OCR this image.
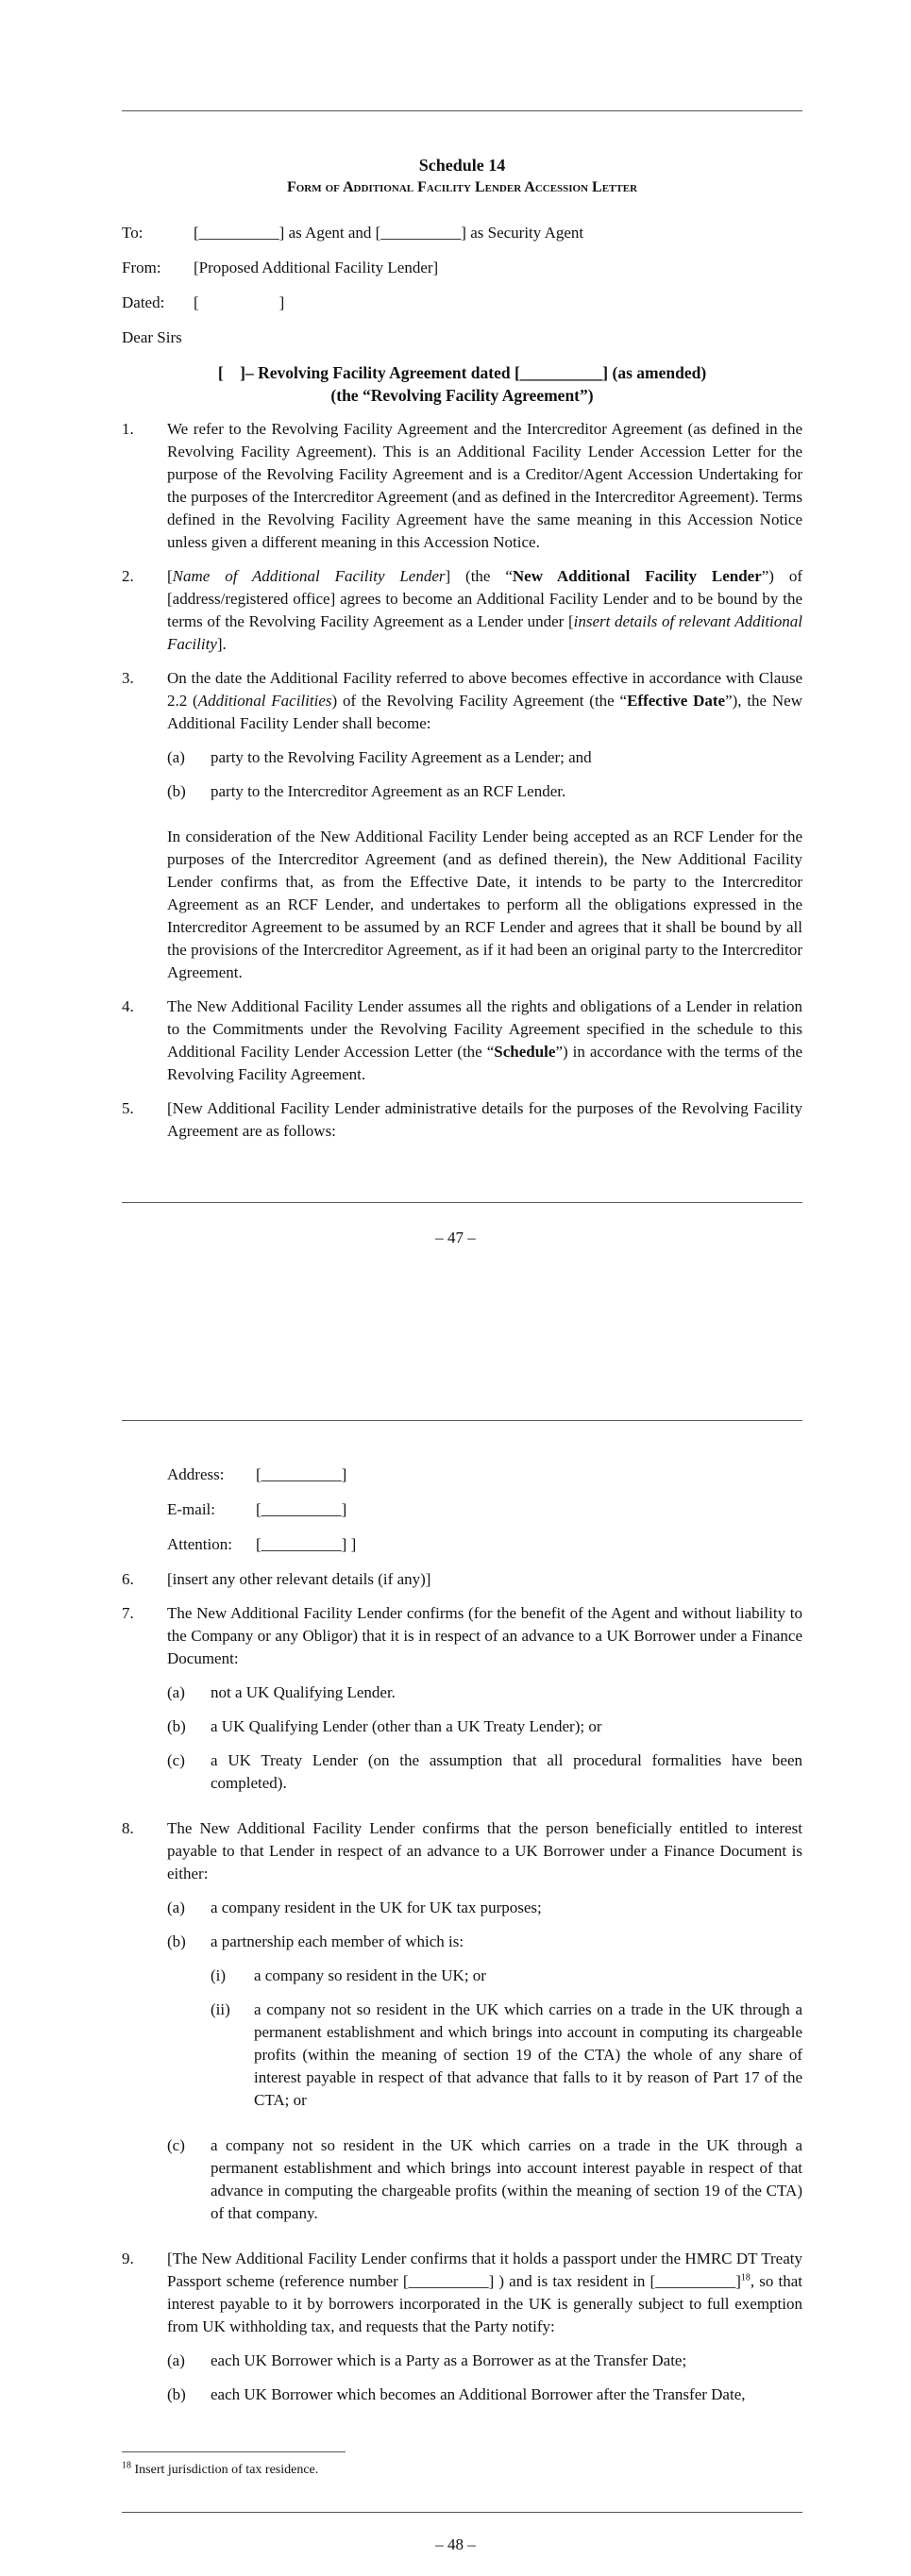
Schedule 14
Form of Additional Facility Lender Accession Letter
To:	[__________] as Agent and [__________] as Security Agent
From:	[Proposed Additional Facility Lender]
Dated:	[                    ]
Dear Sirs
[    ]– Revolving Facility Agreement dated [__________] (as amended)
(the “Revolving Facility Agreement”)
1.	We refer to the Revolving Facility Agreement and the Intercreditor Agreement (as defined in the Revolving Facility Agreement). This is an Additional Facility Lender Accession Letter for the purpose of the Revolving Facility Agreement and is a Creditor/Agent Accession Undertaking for the purposes of the Intercreditor Agreement (and as defined in the Intercreditor Agreement). Terms defined in the Revolving Facility Agreement have the same meaning in this Accession Notice unless given a different meaning in this Accession Notice.
2.	[Name of Additional Facility Lender] (the “New Additional Facility Lender”) of [address/registered office] agrees to become an Additional Facility Lender and to be bound by the terms of the Revolving Facility Agreement as a Lender under [insert details of relevant Additional Facility].
3.	On the date the Additional Facility referred to above becomes effective in accordance with Clause 2.2 (Additional Facilities) of the Revolving Facility Agreement (the “Effective Date”), the New Additional Facility Lender shall become:
(a)	party to the Revolving Facility Agreement as a Lender; and
(b)	party to the Intercreditor Agreement as an RCF Lender.
In consideration of the New Additional Facility Lender being accepted as an RCF Lender for the purposes of the Intercreditor Agreement (and as defined therein), the New Additional Facility Lender confirms that, as from the Effective Date, it intends to be party to the Intercreditor Agreement as an RCF Lender, and undertakes to perform all the obligations expressed in the Intercreditor Agreement to be assumed by an RCF Lender and agrees that it shall be bound by all the provisions of the Intercreditor Agreement, as if it had been an original party to the Intercreditor Agreement.
4.	The New Additional Facility Lender assumes all the rights and obligations of a Lender in relation to the Commitments under the Revolving Facility Agreement specified in the schedule to this Additional Facility Lender Accession Letter (the “Schedule”) in accordance with the terms of the Revolving Facility Agreement.
5.	[New Additional Facility Lender administrative details for the purposes of the Revolving Facility Agreement are as follows:
– 47 –
Address:	[__________]
E-mail:	[__________]
Attention:	[__________] ]
6.	[insert any other relevant details (if any)]
7.	The New Additional Facility Lender confirms (for the benefit of the Agent and without liability to the Company or any Obligor) that it is in respect of an advance to a UK Borrower under a Finance Document:
(a)	not a UK Qualifying Lender.
(b)	a UK Qualifying Lender (other than a UK Treaty Lender); or
(c)	a UK Treaty Lender (on the assumption that all procedural formalities have been completed).
8.	The New Additional Facility Lender confirms that the person beneficially entitled to interest payable to that Lender in respect of an advance to a UK Borrower under a Finance Document is either:
(a)	a company resident in the UK for UK tax purposes;
(b)	a partnership each member of which is:
(i)	a company so resident in the UK; or
(ii)	a company not so resident in the UK which carries on a trade in the UK through a permanent establishment and which brings into account in computing its chargeable profits (within the meaning of section 19 of the CTA) the whole of any share of interest payable in respect of that advance that falls to it by reason of Part 17 of the CTA; or
(c)	a company not so resident in the UK which carries on a trade in the UK through a permanent establishment and which brings into account interest payable in respect of that advance in computing the chargeable profits (within the meaning of section 19 of the CTA) of that company.
9.	[The New Additional Facility Lender confirms that it holds a passport under the HMRC DT Treaty Passport scheme (reference number [__________] ) and is tax resident in [__________]$^{18}$, so that interest payable to it by borrowers incorporated in the UK is generally subject to full exemption from UK withholding tax, and requests that the Party notify:
(a)	each UK Borrower which is a Party as a Borrower as at the Transfer Date;
(b)	each UK Borrower which becomes an Additional Borrower after the Transfer Date,
$^{18}$ Insert jurisdiction of tax residence.
– 48 –
